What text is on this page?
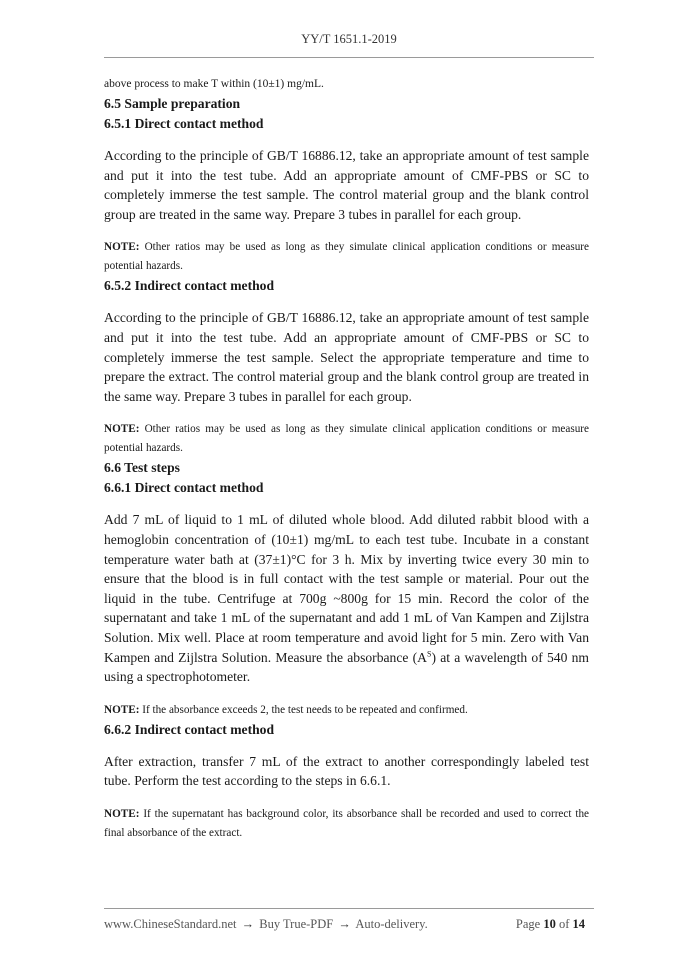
YY/T 1651.1-2019

above process to make T within (10±1) mg/mL.

6.5 Sample preparation
6.5.1 Direct contact method

According to the principle of GB/T 16886.12, take an appropriate amount of test sample and put it into the test tube. Add an appropriate amount of CMF-PBS or SC to completely immerse the test sample. The control material group and the blank control group are treated in the same way. Prepare 3 tubes in parallel for each group.

NOTE: Other ratios may be used as long as they simulate clinical application conditions or measure potential hazards.

6.5.2 Indirect contact method

According to the principle of GB/T 16886.12, take an appropriate amount of test sample and put it into the test tube. Add an appropriate amount of CMF-PBS or SC to completely immerse the test sample. Select the appropriate temperature and time to prepare the extract. The control material group and the blank control group are treated in the same way. Prepare 3 tubes in parallel for each group.

NOTE: Other ratios may be used as long as they simulate clinical application conditions or measure potential hazards.

6.6 Test steps
6.6.1 Direct contact method

Add 7 mL of liquid to 1 mL of diluted whole blood. Add diluted rabbit blood with a hemoglobin concentration of (10±1) mg/mL to each test tube. Incubate in a constant temperature water bath at (37±1)°C for 3 h. Mix by inverting twice every 30 min to ensure that the blood is in full contact with the test sample or material. Pour out the liquid in the tube. Centrifuge at 700g ~800g for 15 min. Record the color of the supernatant and take 1 mL of the supernatant and add 1 mL of Van Kampen and Zijlstra Solution. Mix well. Place at room temperature and avoid light for 5 min. Zero with Van Kampen and Zijlstra Solution. Measure the absorbance $(A^S)$ at a wavelength of 540 nm using a spectrophotometer.

NOTE: If the absorbance exceeds 2, the test needs to be repeated and confirmed.

6.6.2 Indirect contact method

After extraction, transfer 7 mL of the extract to another correspondingly labeled test tube. Perform the test according to the steps in 6.6.1.

NOTE: If the supernatant has background color, its absorbance shall be recorded and used to correct the final absorbance of the extract.

www.ChineseStandard.net → Buy True-PDF → Auto-delivery.	Page 10 of 14
